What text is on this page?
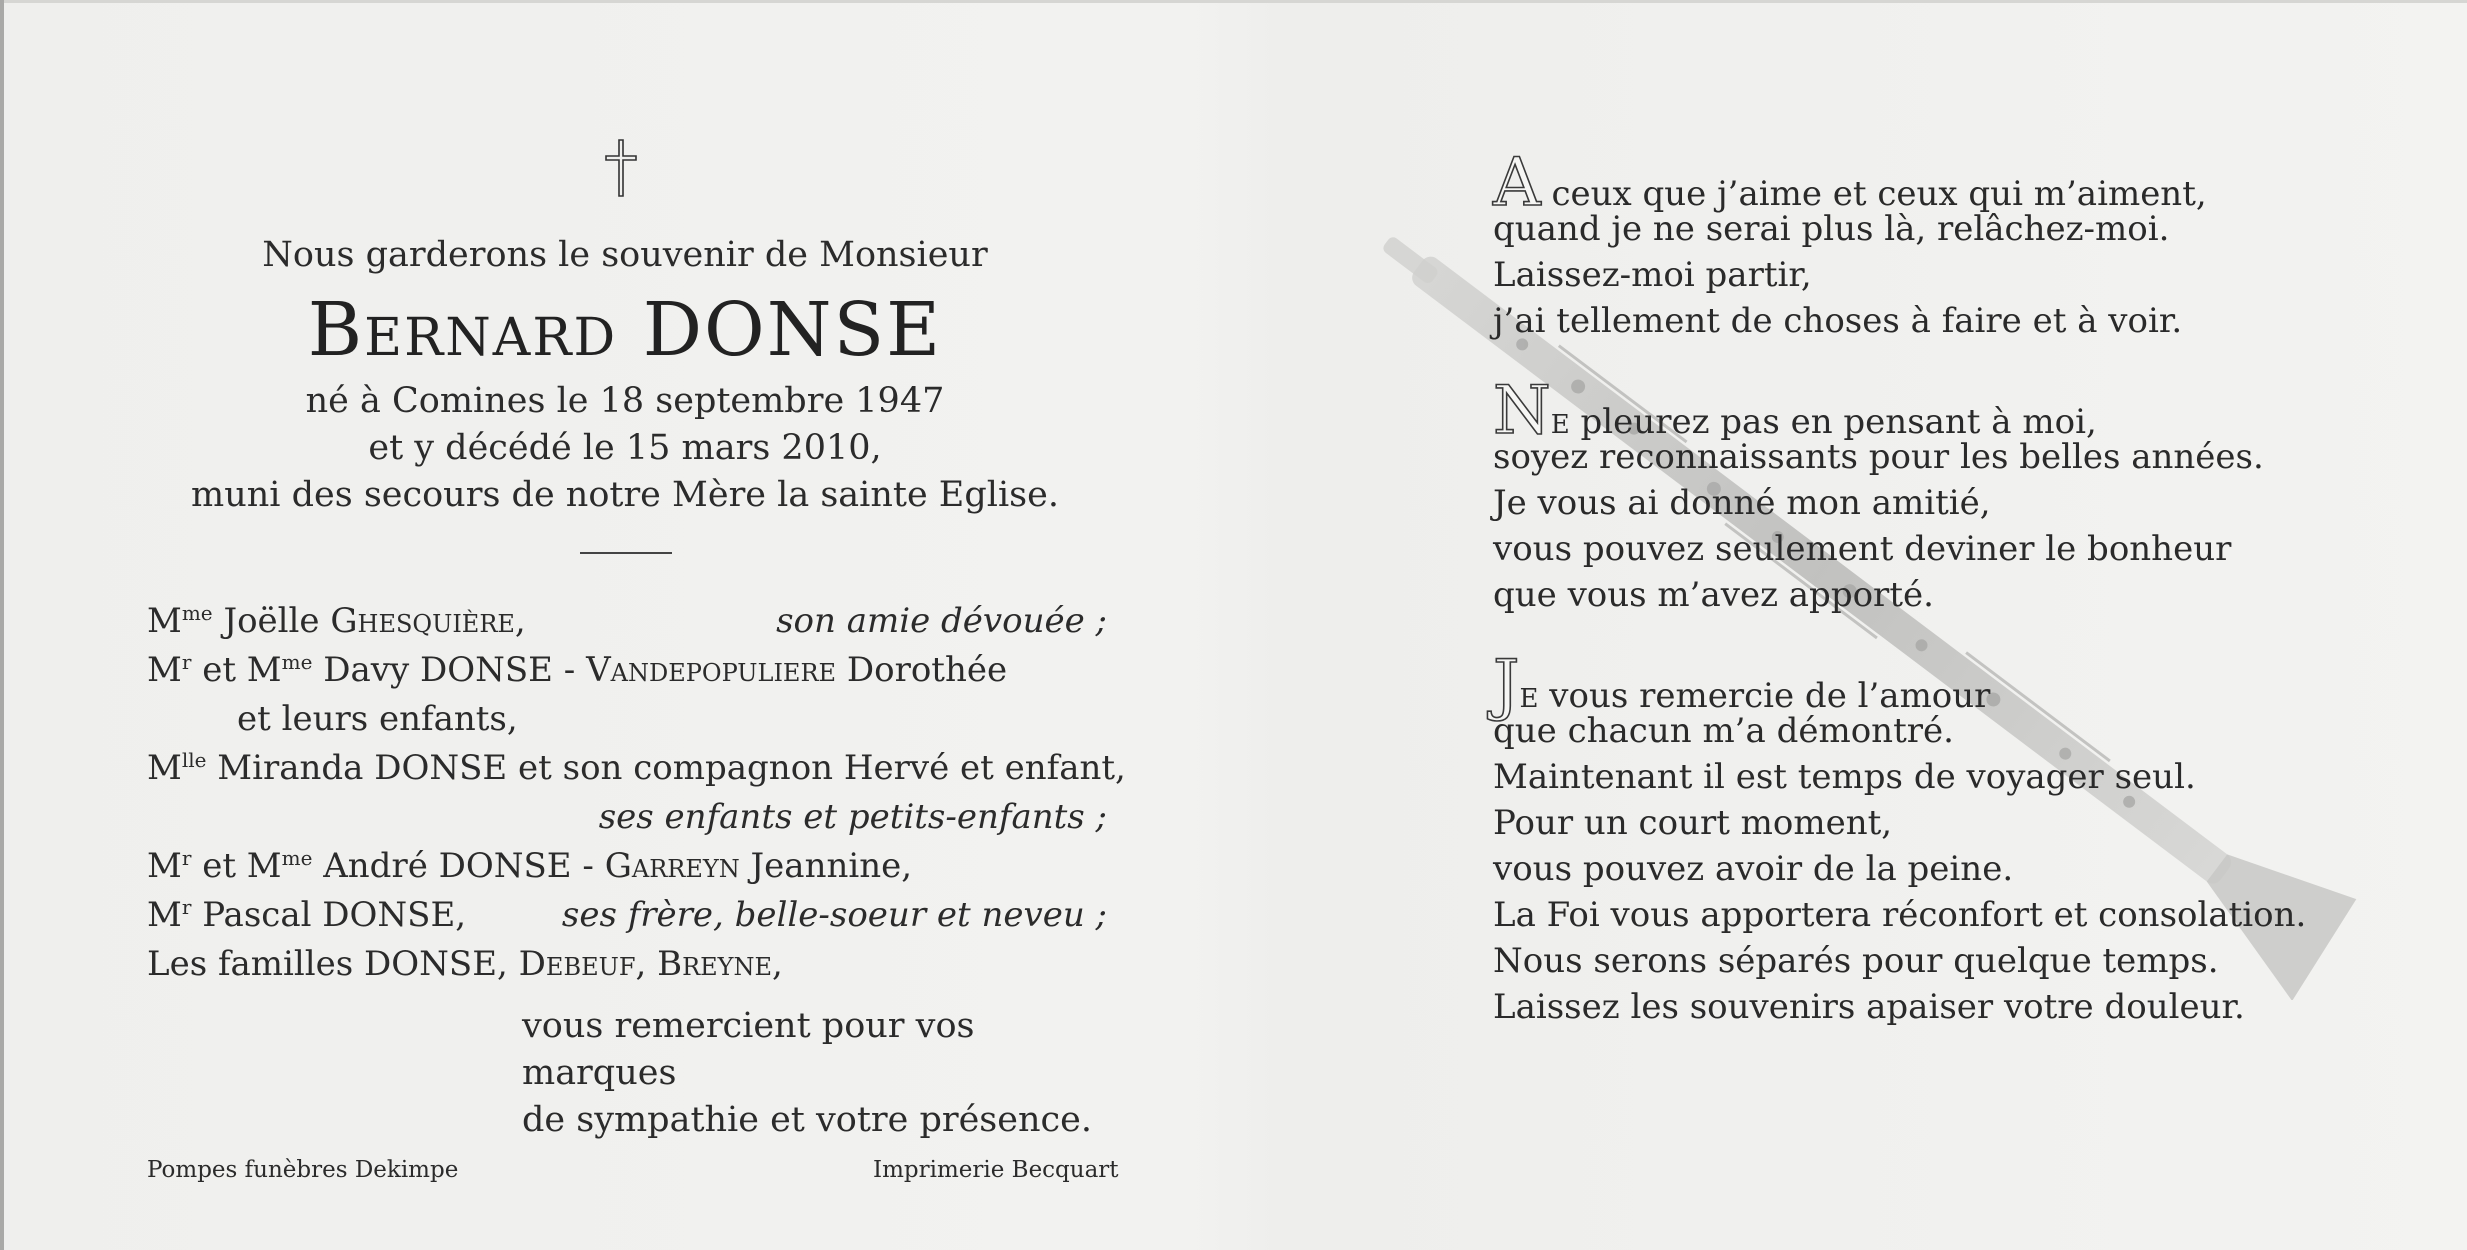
Nous garderons le souvenir de Monsieur
Bernard DONSE
né à Comines le 18 septembre 1947
et y décédé le 15 mars 2010,
muni des secours de notre Mère la sainte Eglise.
$M^{me}$ Joëlle Ghesquière,	son amie dévouée ;
$M^r$ et $M^{me}$ Davy DONSE - Vandepopuliere Dorothée
et leurs enfants,
$M^{lle}$ Miranda DONSE et son compagnon Hervé et enfant,
ses enfants et petits-enfants ;
$M^r$ et $M^{me}$ André DONSE - Garreyn Jeannine,
$M^r$ Pascal DONSE,	ses frère, belle-soeur et neveu ;
Les familles DONSE, Debeuf, Breyne,
vous remercient pour vos marques
de sympathie et votre présence.
Pompes funèbres Dekimpe	Imprimerie Becquart
A ceux que j’aime et ceux qui m’aiment,
quand je ne serai plus là, relâchez-moi.
Laissez-moi partir,
j’ai tellement de choses à faire et à voir.
NE pleurez pas en pensant à moi,
soyez reconnaissants pour les belles années.
Je vous ai donné mon amitié,
vous pouvez seulement deviner le bonheur
que vous m’avez apporté.
JE vous remercie de l’amour
que chacun m’a démontré.
Maintenant il est temps de voyager seul.
Pour un court moment,
vous pouvez avoir de la peine.
La Foi vous apportera réconfort et consolation.
Nous serons séparés pour quelque temps.
Laissez les souvenirs apaiser votre douleur.
